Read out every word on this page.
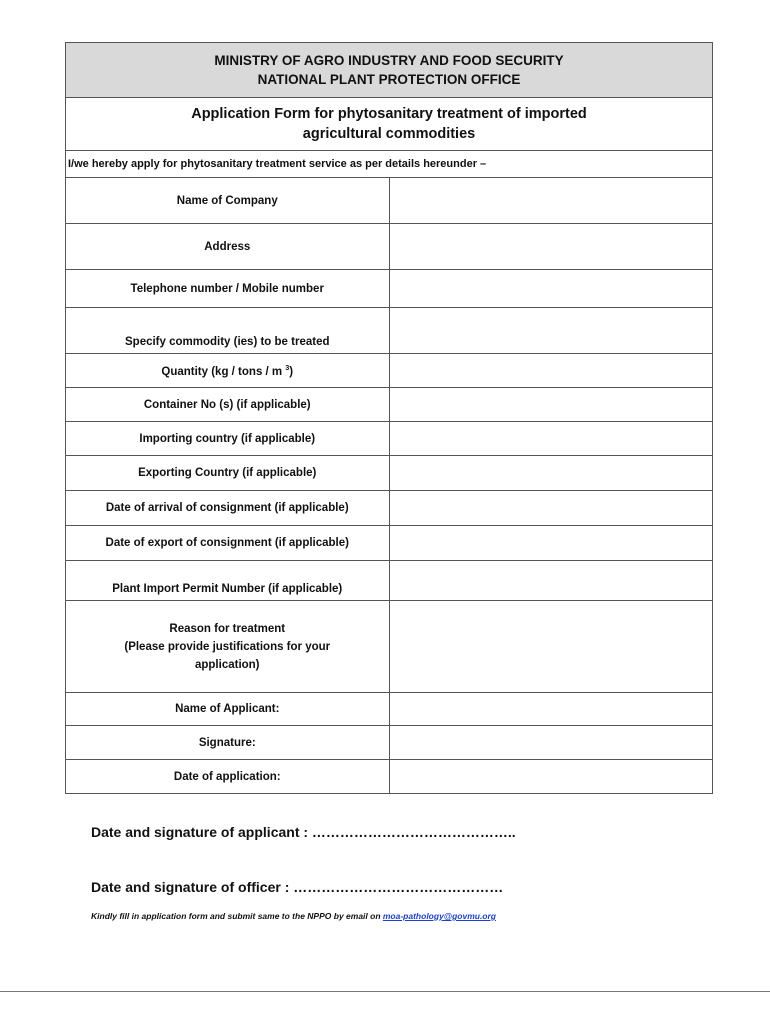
MINISTRY OF AGRO INDUSTRY AND FOOD SECURITY
NATIONAL PLANT PROTECTION OFFICE	

Application Form for phytosanitary treatment of imported
agricultural commodities	

I/we hereby apply for phytosanitary treatment service as per details hereunder –	
Name of Company	
Address	
Telephone number / Mobile number	
Specify commodity (ies) to be treated	
Quantity (kg / tons / m $^3$)	
Container No (s) (if applicable)	
Importing country (if applicable)	
Exporting Country (if applicable)	
Date of arrival of consignment (if applicable)	
Date of export of consignment (if applicable)	
Plant Import Permit Number (if applicable)	

Reason for treatment
(Please provide justifications for your
application)	

Name of Applicant:	
Signature:	
Date of application:	
Date and signature of applicant : ……………………………………..
Date and signature of officer : ………………………………………
Kindly fill in application form and submit same to the NPPO by email on moa-pathology@govmu.org
